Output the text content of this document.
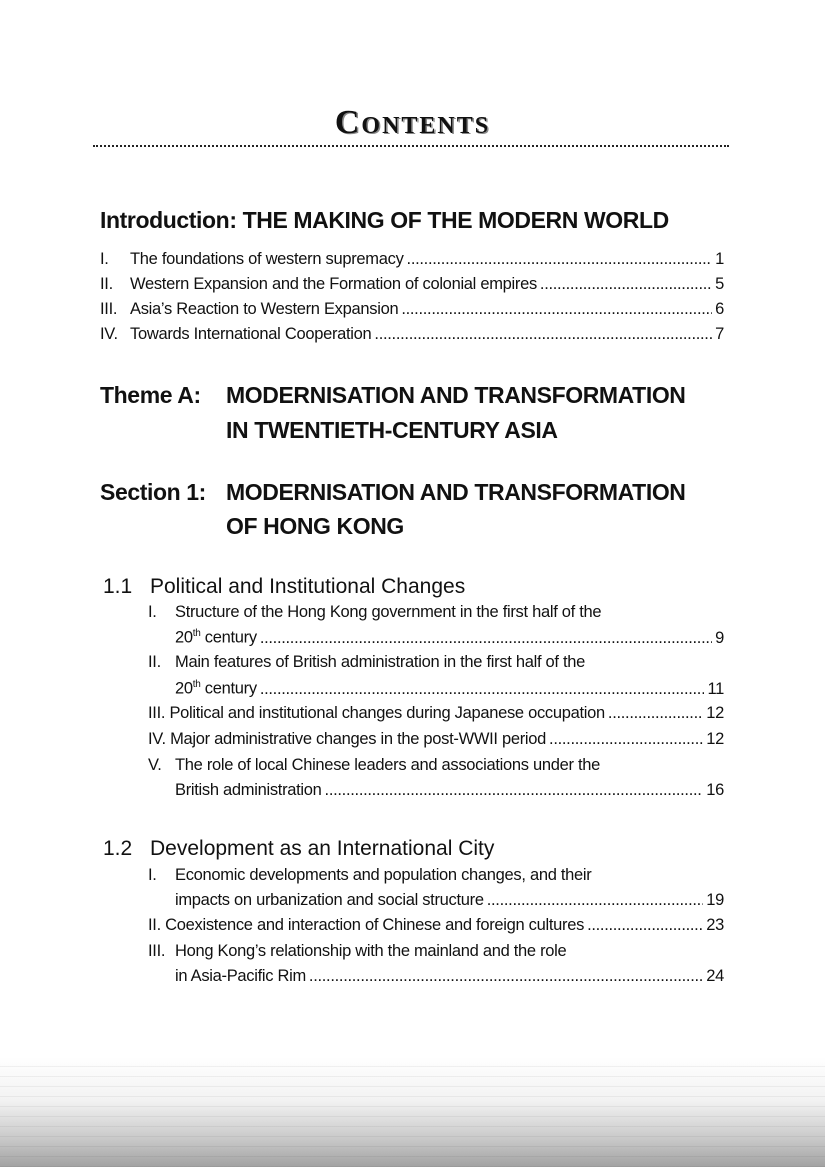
Contents
Introduction: THE MAKING OF THE MODERN WORLD
I.	The foundations of western supremacy .....	1
II.	Western Expansion and the Formation of colonial empires .....	5
III. Asia’s Reaction to Western Expansion .....	6
IV. Towards International Cooperation .....	7
Theme A: MODERNISATION AND TRANSFORMATION
IN TWENTIETH-CENTURY ASIA
Section 1: MODERNISATION AND TRANSFORMATION
OF HONG KONG
1.1 Political and Institutional Changes
I. Structure of the Hong Kong government in the first half of the
20th century .....	9
II. Main features of British administration in the first half of the
20th century .....	11
III.
Political and institutional changes during Japanese occupation .....	12
IV.
Major administrative changes in the post-WWII period .....	12
V. The role of local Chinese leaders and associations under the
British administration .....	16
1.2 Development as an International City
I. Economic developments and population changes, and their
impacts on urbanization and social structure .....	19
II.
Coexistence and interaction of Chinese and foreign cultures .....	23
III. Hong Kong’s relationship with the mainland and the role
in Asia-Pacific Rim .....	24
